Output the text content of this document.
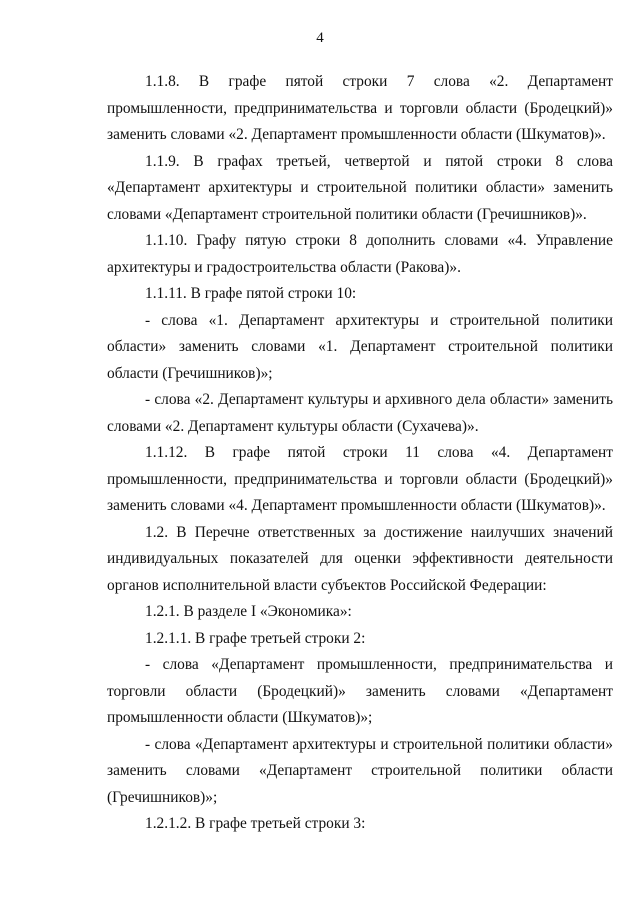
4

1.1.8. В графе пятой строки 7 слова «2. Департамент промышленности, предпринимательства и торговли области (Бродецкий)» заменить словами «2. Департамент промышленности области (Шкуматов)».

1.1.9. В графах третьей, четвертой и пятой строки 8 слова «Департамент архитектуры и строительной политики области» заменить словами «Департамент строительной политики области (Гречишников)».

1.1.10. Графу пятую строки 8 дополнить словами «4. Управление архитектуры и градостроительства области (Ракова)».

1.1.11. В графе пятой строки 10:

- слова «1. Департамент архитектуры и строительной политики области» заменить словами «1. Департамент строительной политики области (Гречишников)»;

- слова «2. Департамент культуры и архивного дела области» заменить словами «2. Департамент культуры области (Сухачева)».

1.1.12. В графе пятой строки 11 слова «4. Департамент промышленности, предпринимательства и торговли области (Бродецкий)» заменить словами «4. Департамент промышленности области (Шкуматов)».

1.2. В Перечне ответственных за достижение наилучших значений индивидуальных показателей для оценки эффективности деятельности органов исполнительной власти субъектов Российской Федерации:

1.2.1. В разделе I «Экономика»:

1.2.1.1. В графе третьей строки 2:

- слова «Департамент промышленности, предпринимательства и торговли области (Бродецкий)» заменить словами «Департамент промышленности области (Шкуматов)»;

- слова «Департамент архитектуры и строительной политики области» заменить словами «Департамент строительной политики области (Гречишников)»;

1.2.1.2. В графе третьей строки 3:
